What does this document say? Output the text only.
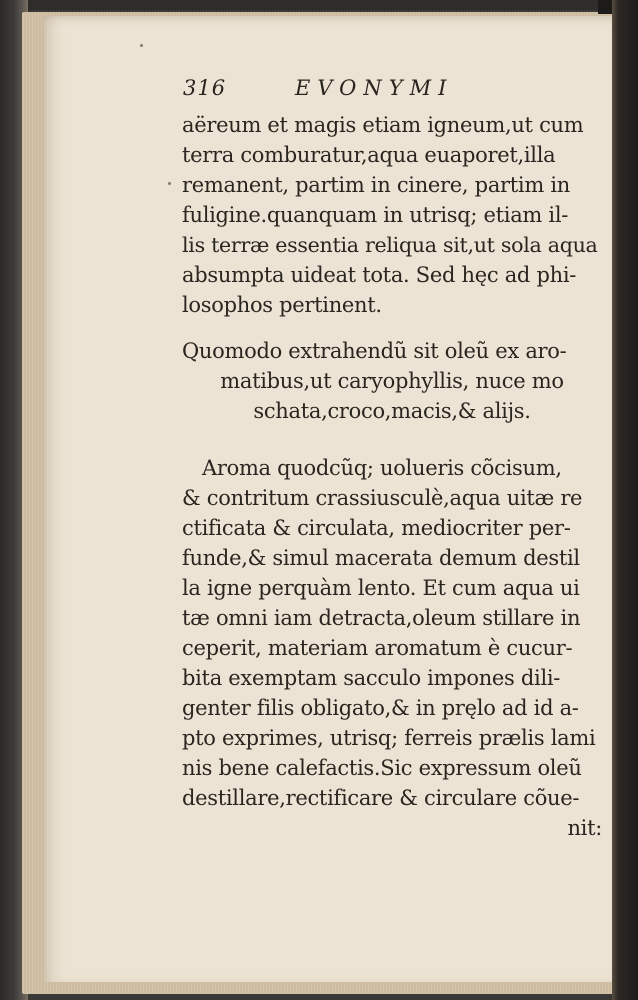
316	EVONYMI
aëreum et magis etiam igneum,ut cum
terra comburatur,aqua euaporet,illa
remanent, partim in cinere, partim in
fuligine.quanquam in utrisq; etiam il-
lis terræ essentia reliqua sit,ut sola aqua
absumpta uideat tota. Sed hęc ad phi-
losophos pertinent.
Quomodo extrahendũ sit oleũ ex aro-
matibus,ut caryophyllis, nuce mo
schata,croco,macis,& alijs.
Aroma quodcũq; uolueris cõcisum,
& contritum crassiusculè,aqua uitæ re
ctificata & circulata, mediocriter per-
funde,& simul macerata demum destil
la igne perquàm lento. Et cum aqua ui
tæ omni iam detracta,oleum stillare in
ceperit, materiam aromatum è cucur-
bita exemptam sacculo impones dili-
genter filis obligato,& in pręlo ad id a-
pto exprimes, utrisq; ferreis prælis lami
nis bene calefactis.Sic expressum oleũ
destillare,rectificare & circulare cõue-
nit:
